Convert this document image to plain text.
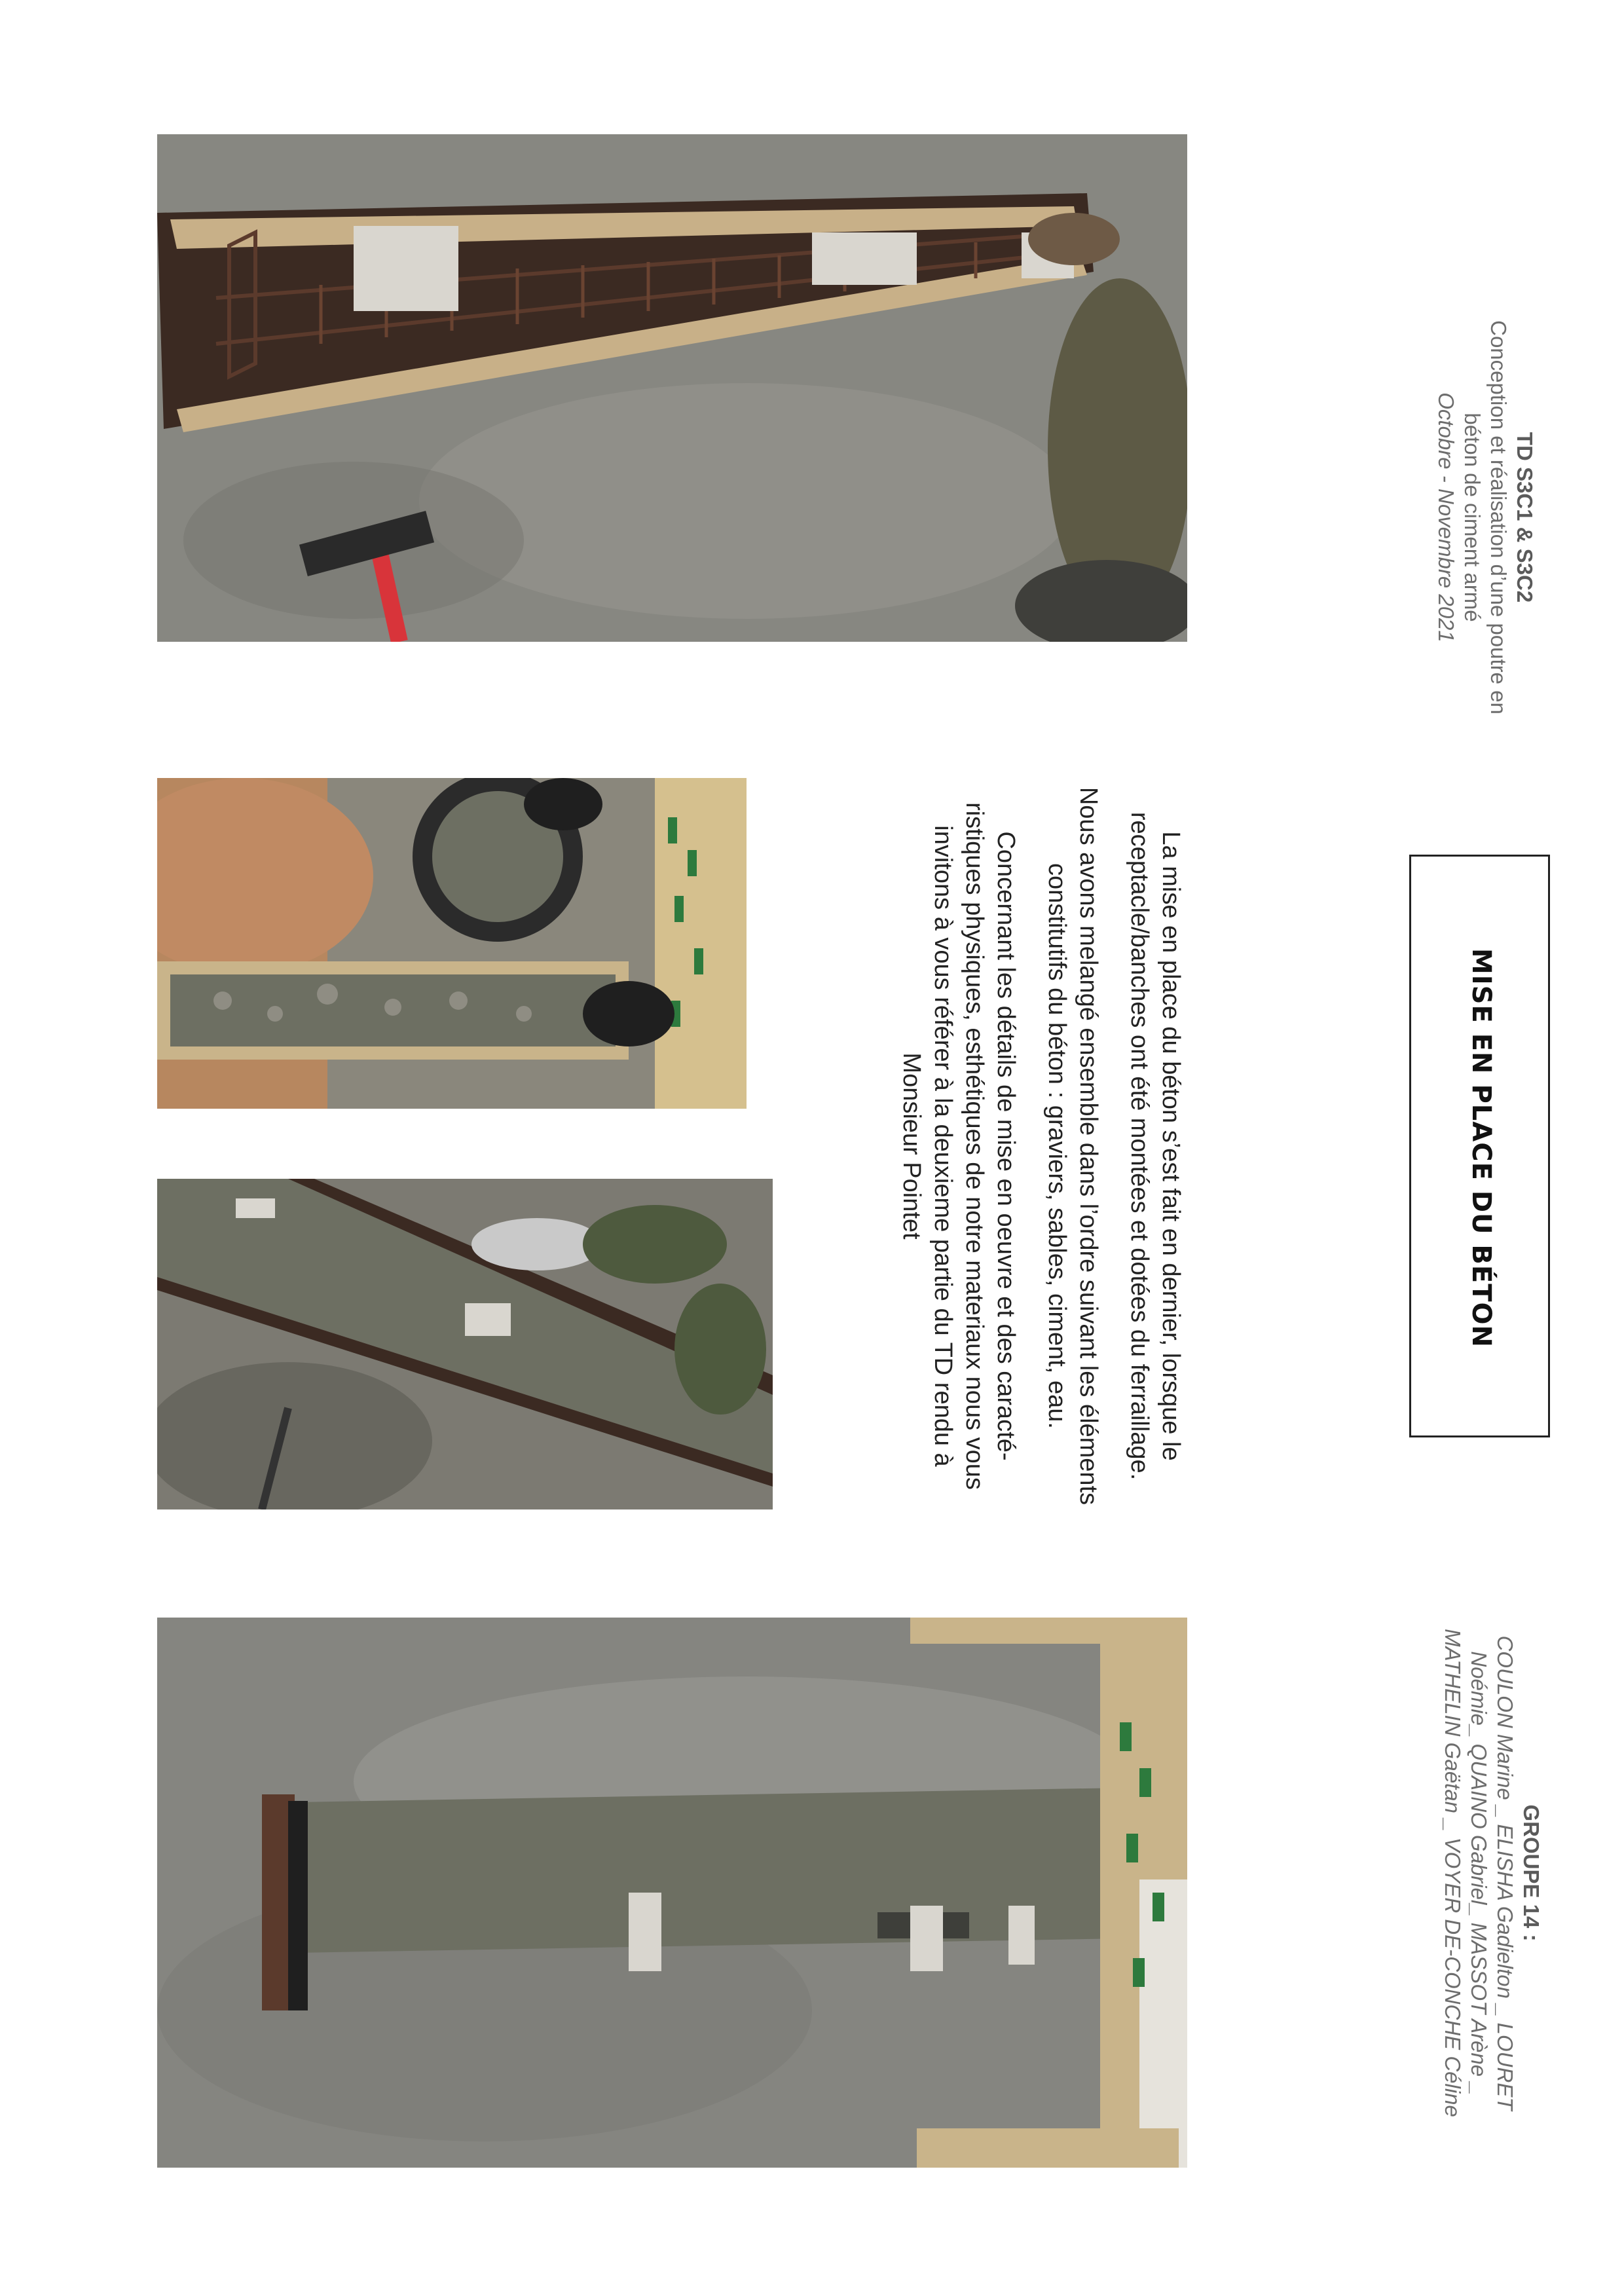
TD S3C1 & S3C2
Conception et réalisation d’une poutre en béton de ciment armé
Octobre - Novembre 2021
MISE EN PLACE DU BÉTON

La mise en place du béton s’est fait en dernier, lorsque le receptacle/banches ont été montées et dotées du ferraillage.

Nous avons melangé ensemble dans l’ordre suivant les éléments constitutifs du béton : graviers, sables, ciment, eau.

Concernant les détails de mise en oeuvre et des caracté-ristiques physiques, esthétiques de notre materiaux nous vous invitons à vous référer à la deuxieme partie du TD rendu à Monsieur Pointet

GROUPE 14 :
COULON Marine _ ELISHA Gadielton _ LOURET Noémie_ QUAINO Gabriel_ MASSOT Arène _ MATHELIN Gaëtan _ VOYER DE-CONCHE Céline
